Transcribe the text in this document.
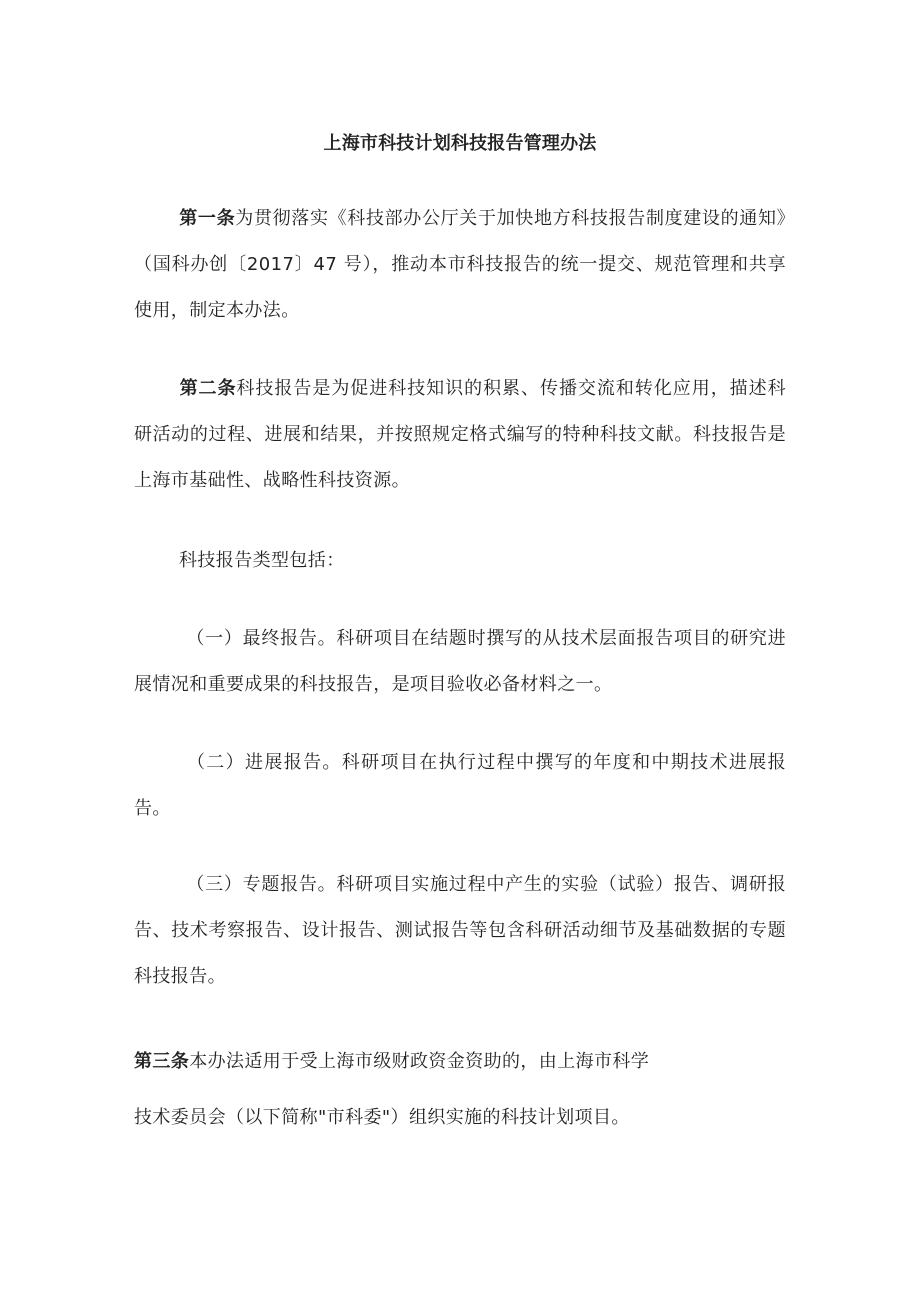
上海市科技计划科技报告管理办法

第一条为贯彻落实《科技部办公厅关于加快地方科技报告制度建设的通知》（国科办创〔2017〕47 号），推动本市科技报告的统一提交、规范管理和共享使用，制定本办法。

第二条科技报告是为促进科技知识的积累、传播交流和转化应用，描述科研活动的过程、进展和结果，并按照规定格式编写的特种科技文献。科技报告是上海市基础性、战略性科技资源。

科技报告类型包括：

（一）最终报告。科研项目在结题时撰写的从技术层面报告项目的研究进展情况和重要成果的科技报告，是项目验收必备材料之一。

（二）进展报告。科研项目在执行过程中撰写的年度和中期技术进展报告。

（三）专题报告。科研项目实施过程中产生的实验（试验）报告、调研报告、技术考察报告、设计报告、测试报告等包含科研活动细节及基础数据的专题科技报告。

第三条本办法适用于受上海市级财政资金资助的，由上海市科学
技术委员会（以下简称"市科委"）组织实施的科技计划项目。
